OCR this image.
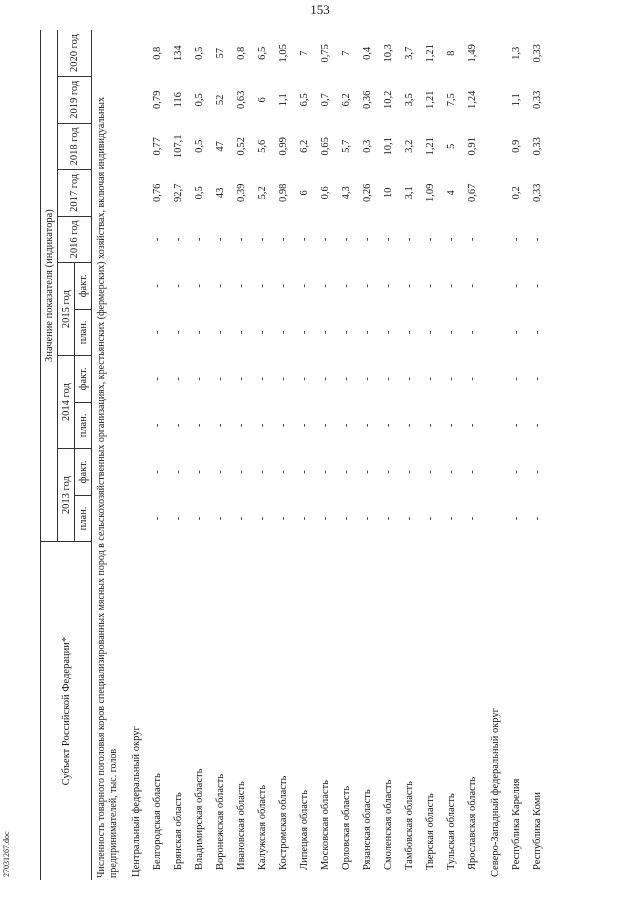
153
27031267.doc
Субъект Российской Федерации*	Значение показателя (индикатора)										
	2013 год		2014 год		2015 год		2016 год	2017 год	2018 год	2019 год	2020 год
	план.	факт.	план.	факт.	план.	факт.					
Численность товарного поголовья коров специализированных мясных пород в сельскохозяйственных организациях, крестьянских (фермерских) хозяйствах, включая индивидуальных предпринимателей, тыс. голов											
Центральный федеральный округ											
Белгородская область	-	-	-	-	-	-	-	0,76	0,77	0,79	0,8
Брянская область	-	-	-	-	-	-	-	92,7	107,1	116	134
Владимирская область	-	-	-	-	-	-	-	0,5	0,5	0,5	0,5
Воронежская область	-	-	-	-	-	-	-	43	47	52	57
Ивановская область	-	-	-	-	-	-	-	0,39	0,52	0,63	0,8
Калужская область	-	-	-	-	-	-	-	5,2	5,6	6	6,5
Костромская область	-	-	-	-	-	-	-	0,98	0,99	1,1	1,05
Липецкая область	-	-	-	-	-	-	-	6	6,2	6,5	7
Московская область	-	-	-	-	-	-	-	0,6	0,65	0,7	0,75
Орловская область	-	-	-	-	-	-	-	4,3	5,7	6,2	7
Рязанская область	-	-	-	-	-	-	-	0,26	0,3	0,36	0,4
Смоленская область	-	-	-	-	-	-	-	10	10,1	10,2	10,3
Тамбовская область	-	-	-	-	-	-	-	3,1	3,2	3,5	3,7
Тверская область	-	-	-	-	-	-	-	1,09	1,21	1,21	1,21
Тульская область	-	-	-	-	-	-	-	4	5	7,5	8
Ярославская область	-	-	-	-	-	-	-	0,67	0,91	1,24	1,49
Северо-Западный федеральный округ											
Республика Карелия	-	-	-	-	-	-	-	0,2	0,9	1,1	1,3
Республика Коми	-	-	-	-	-	-	-	0,33	0,33	0,33	0,33
